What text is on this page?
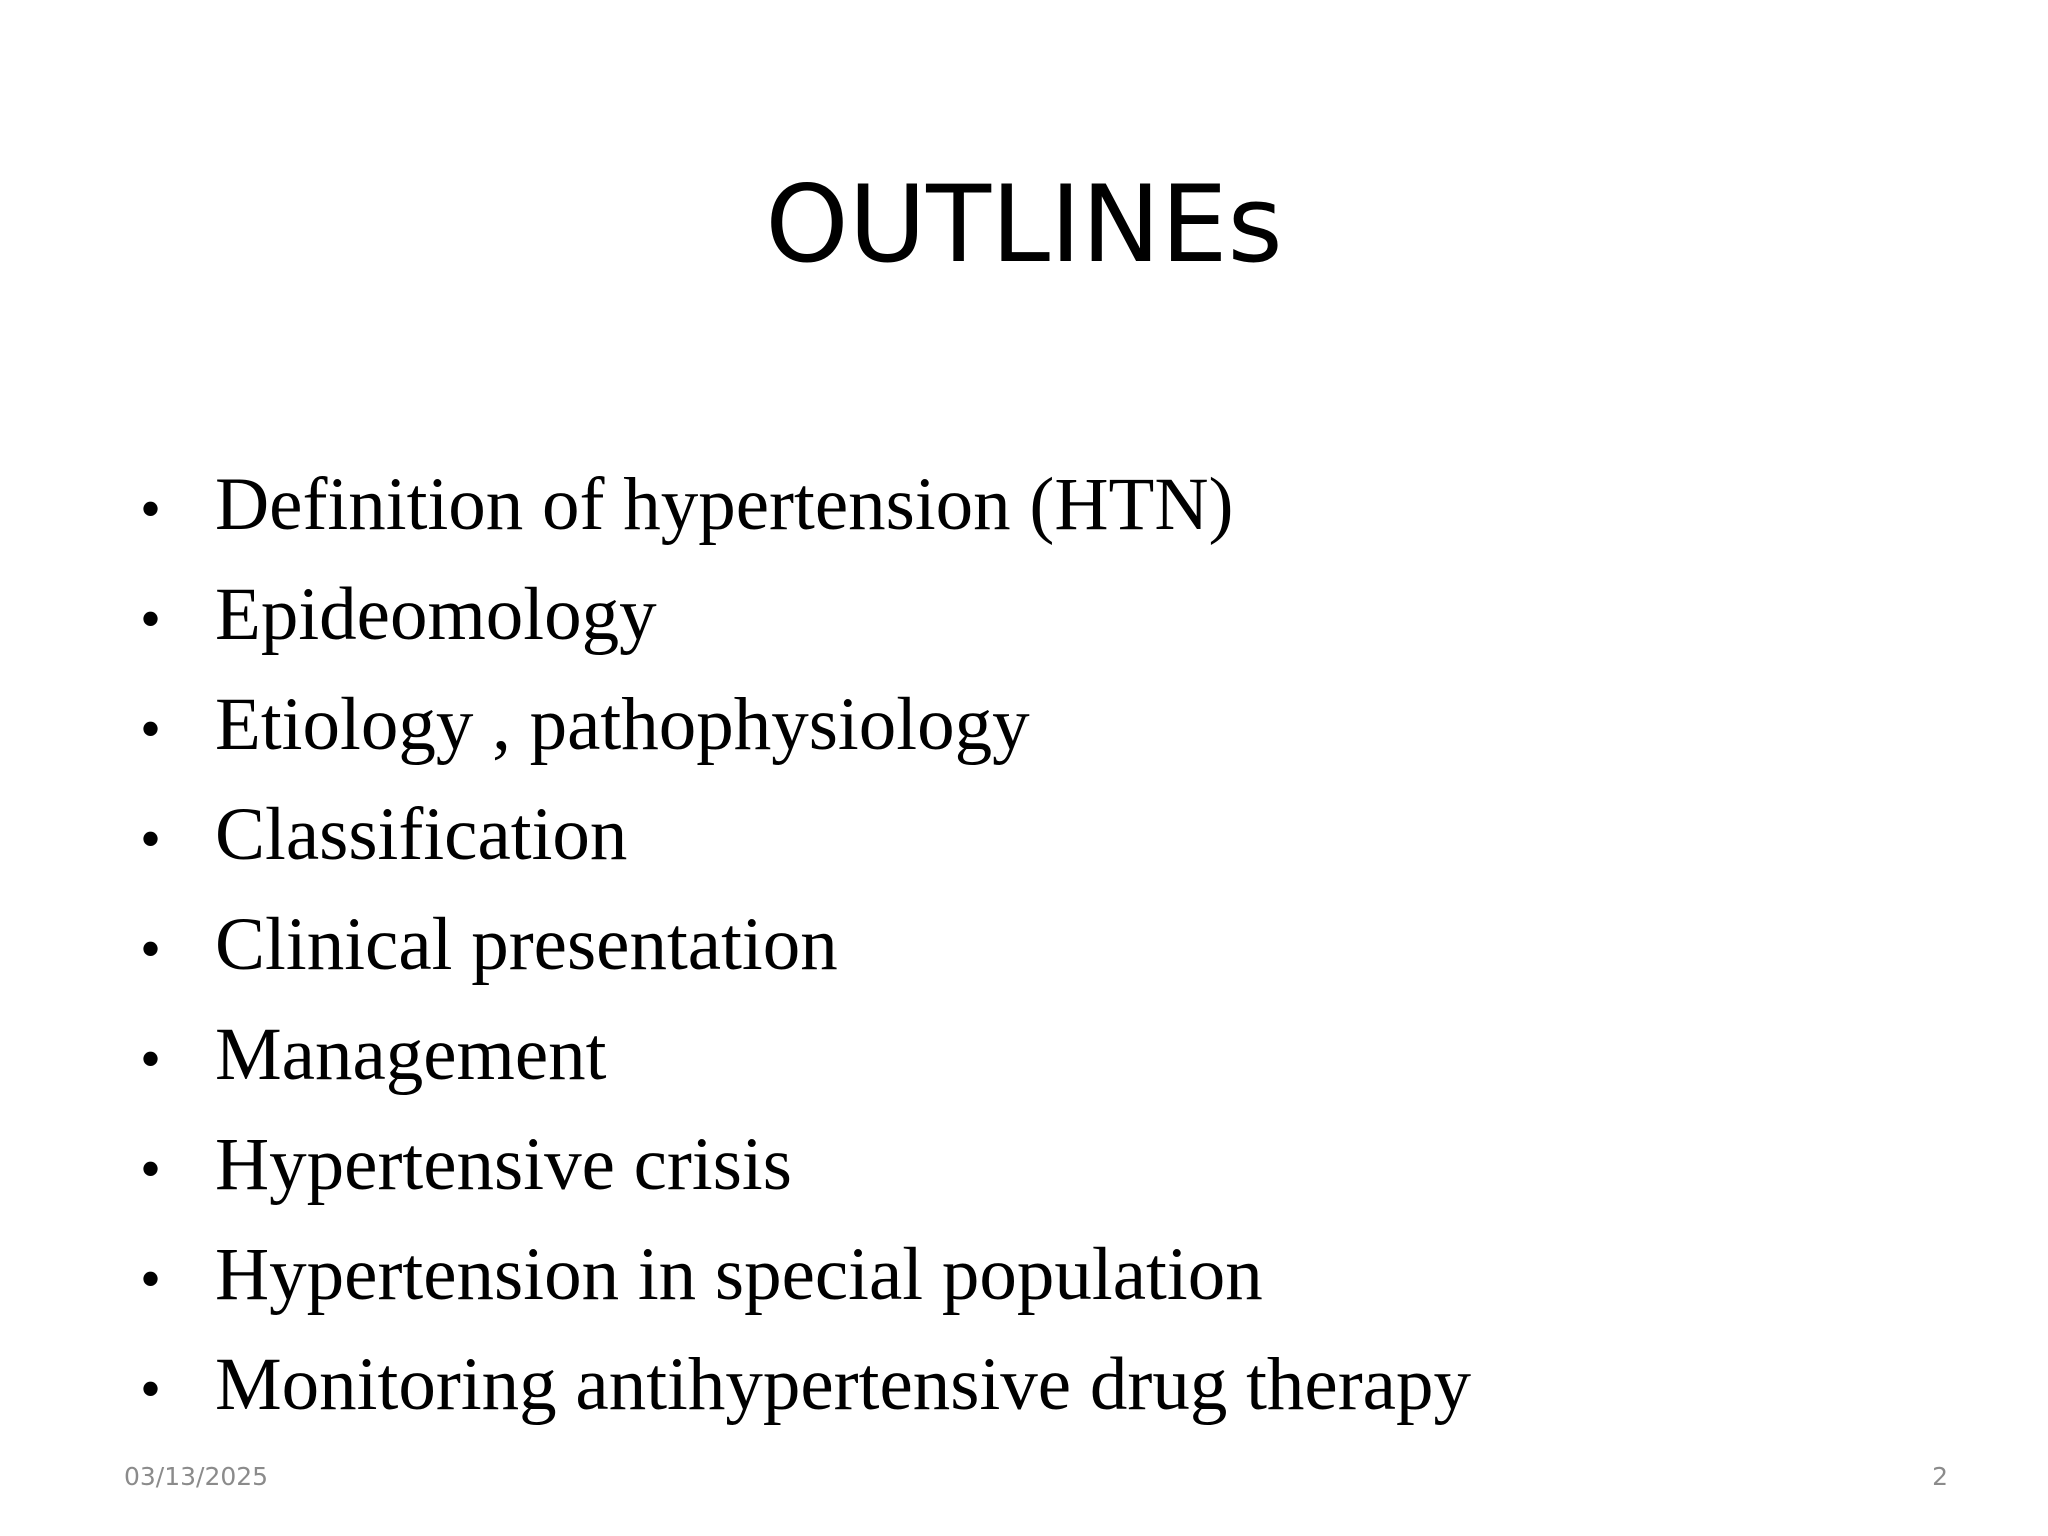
OUTLINEs
• Definition of hypertension (HTN)
• Epideomology
• Etiology , pathophysiology
• Classification
• Clinical presentation
• Management
• Hypertensive crisis
• Hypertension in special population
• Monitoring antihypertensive drug therapy
03/13/2025	2
